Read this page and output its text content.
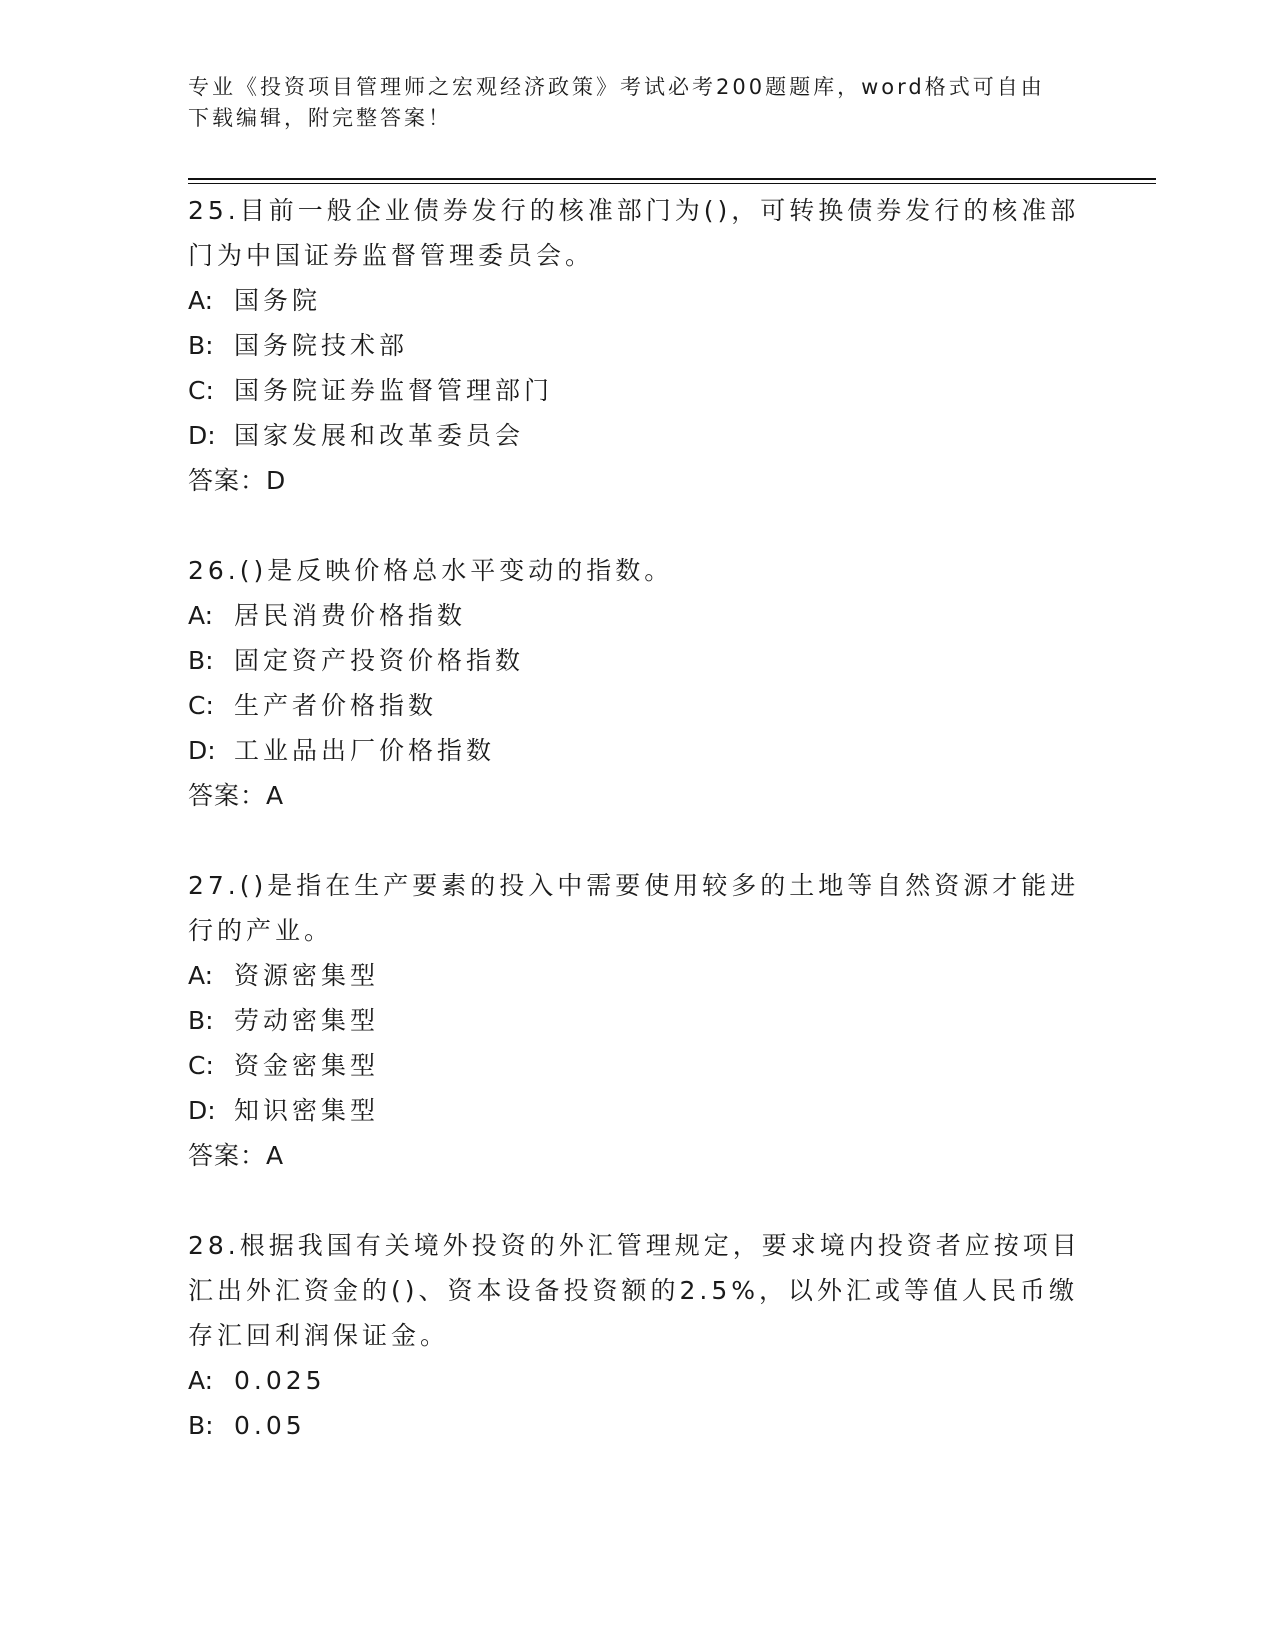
专业《投资项目管理师之宏观经济政策》考试必考200题题库，word格式可自由
下载编辑，附完整答案！
25.目前一般企业债券发行的核准部门为()，可转换债券发行的核准部
门为中国证券监督管理委员会。
A: 国务院
B: 国务院技术部
C: 国务院证券监督管理部门
D: 国家发展和改革委员会
答案：D
26.()是反映价格总水平变动的指数。
A: 居民消费价格指数
B: 固定资产投资价格指数
C: 生产者价格指数
D: 工业品出厂价格指数
答案：A
27.()是指在生产要素的投入中需要使用较多的土地等自然资源才能进
行的产业。
A: 资源密集型
B: 劳动密集型
C: 资金密集型
D: 知识密集型
答案：A
28.根据我国有关境外投资的外汇管理规定，要求境内投资者应按项目
汇出外汇资金的()、资本设备投资额的2.5%，以外汇或等值人民币缴
存汇回利润保证金。
A: 0.025
B: 0.05
